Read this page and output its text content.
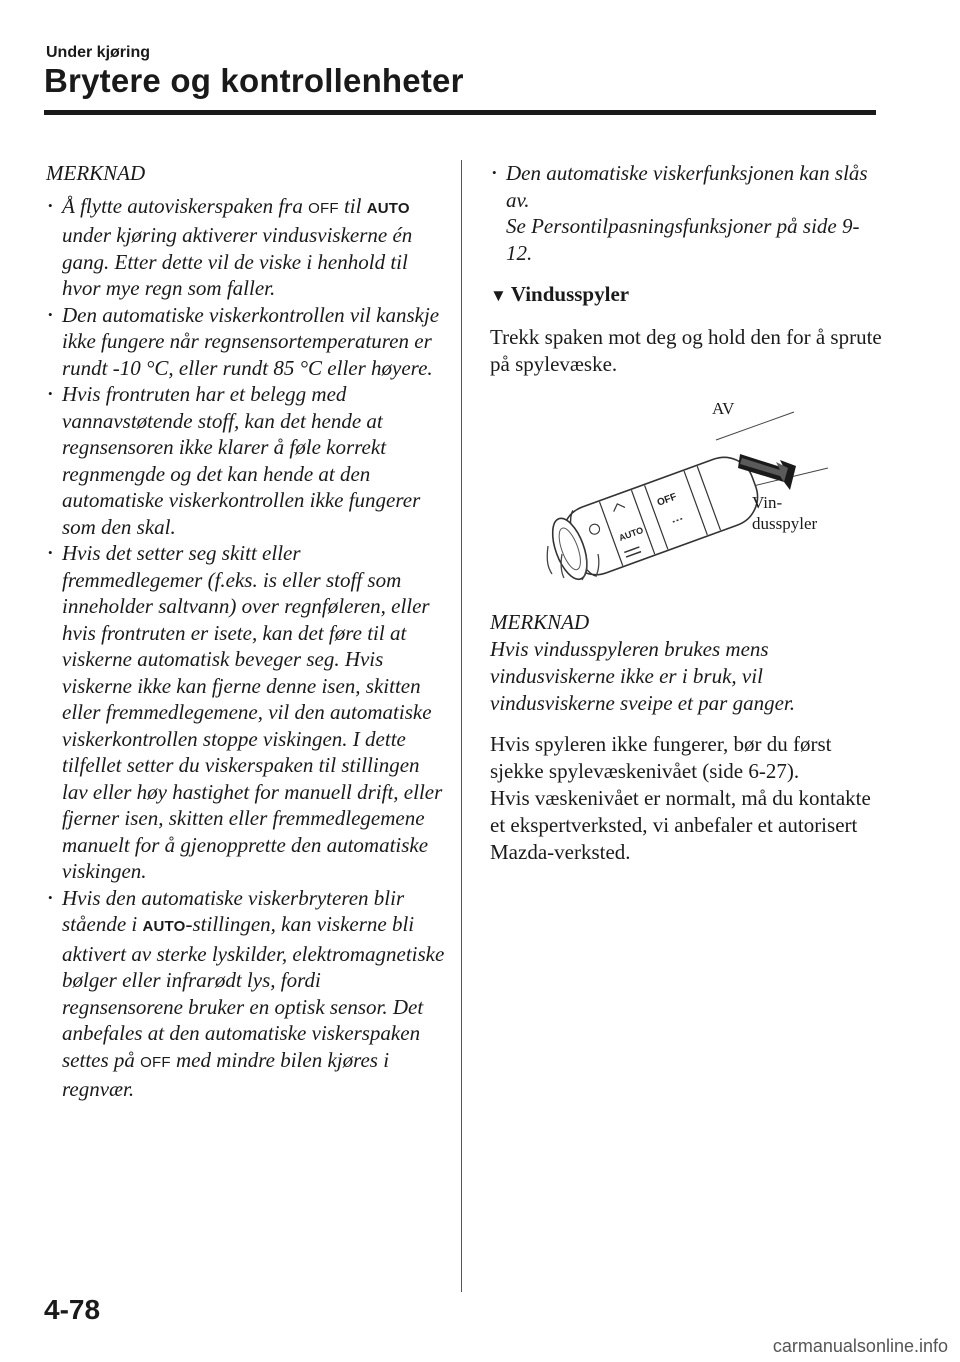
Under kjøring
Brytere og kontrollenheter

MERKNAD

• Å flytte autoviskerspaken fra OFF til AUTO under kjøring aktiverer vindusviskerne én gang. Etter dette vil de viske i henhold til hvor mye regn som faller.
• Den automatiske viskerkontrollen vil kanskje ikke fungere når regnsensortemperaturen er rundt -10 °C, eller rundt 85 °C eller høyere.
• Hvis frontruten har et belegg med vannavstøtende stoff, kan det hende at regnsensoren ikke klarer å føle korrekt regnmengde og det kan hende at den automatiske viskerkontrollen ikke fungerer som den skal.
• Hvis det setter seg skitt eller fremmedlegemer (f.eks. is eller stoff som inneholder saltvann) over regnføleren, eller hvis frontruten er isete, kan det føre til at viskerne automatisk beveger seg. Hvis viskerne ikke kan fjerne denne isen, skitten eller fremmedlegemene, vil den automatiske viskerkontrollen stoppe viskingen. I dette tilfellet setter du viskerspaken til stillingen lav eller høy hastighet for manuell drift, eller fjerner isen, skitten eller fremmedlegemene manuelt for å gjenopprette den automatiske viskingen.
• Hvis den automatiske viskerbryteren blir stående i AUTO-stillingen, kan viskerne bli aktivert av sterke lyskilder, elektromagnetiske bølger eller infrarødt lys, fordi regnsensorene bruker en optisk sensor. Det anbefales at den automatiske viskerspaken settes på OFF med mindre bilen kjøres i regnvær.
• Den automatiske viskerfunksjonen kan slås av.
Se Persontilpasningsfunksjoner på side 9-12.
▼ Vindusspyler

Trekk spaken mot deg og hold den for å sprute på spylevæske.

OFF
AUTO
AV
Vin-
dusspyler

MERKNAD

Hvis vindusspyleren brukes mens vindusviskerne ikke er i bruk, vil vindusviskerne sveipe et par ganger.

Hvis spyleren ikke fungerer, bør du først sjekke spylevæskenivået (side 6-27).
Hvis væskenivået er normalt, må du kontakte et ekspertverksted, vi anbefaler et autorisert Mazda-verksted.

4-78
carmanualsonline.info
